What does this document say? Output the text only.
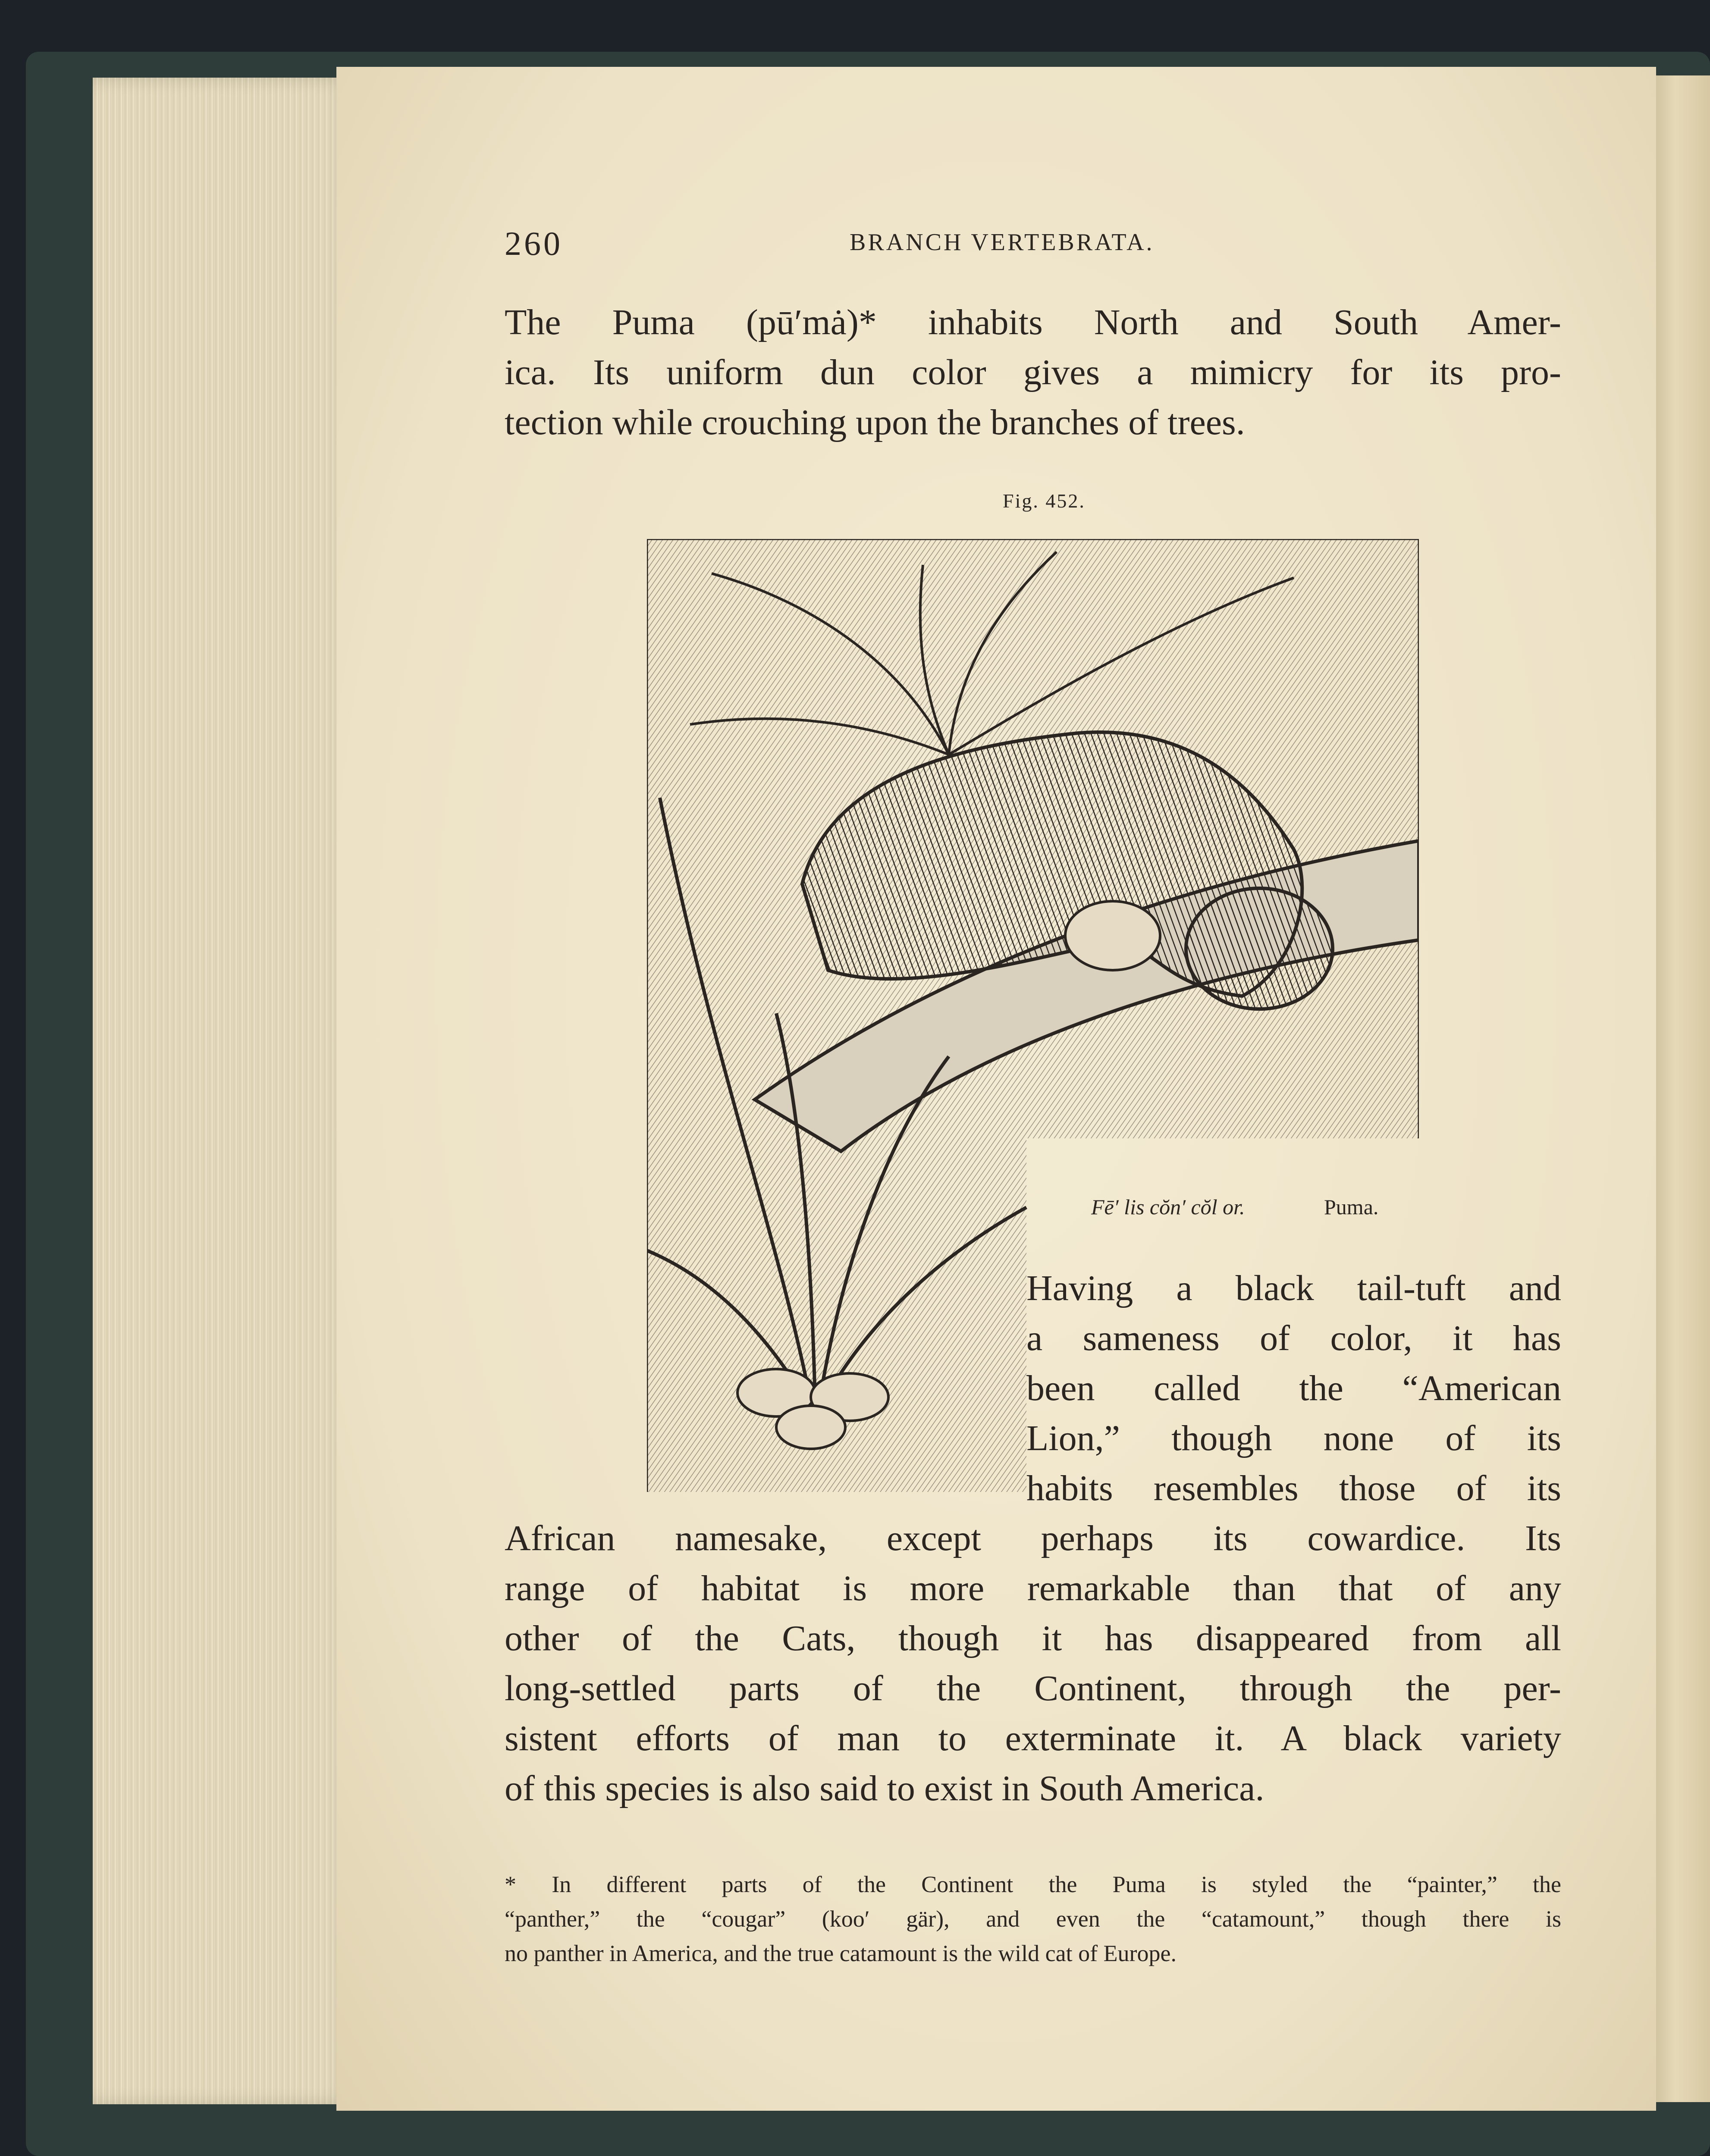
260	BRANCH VERTEBRATA.
The Puma (pū′mȧ)* inhabits North and South Amer-
ica. Its uniform dun color gives a mimicry for its pro-
tection while crouching upon the branches of trees.
Fig. 452.
Fē′ lis cŏn′ cŏl or.	Puma.
Having a black tail-tuft and
a sameness of color, it has
been called the “American
Lion,” though none of its
habits resembles those of its
African namesake, except perhaps its cowardice. Its
range of habitat is more remarkable than that of any
other of the Cats, though it has disappeared from all
long-settled parts of the Continent, through the per-
sistent efforts of man to exterminate it. A black variety
of this species is also said to exist in South America.
* In different parts of the Continent the Puma is styled the “painter,” the
“panther,” the “cougar” (koo′ gär), and even the “catamount,” though there is
no panther in America, and the true catamount is the wild cat of Europe.
